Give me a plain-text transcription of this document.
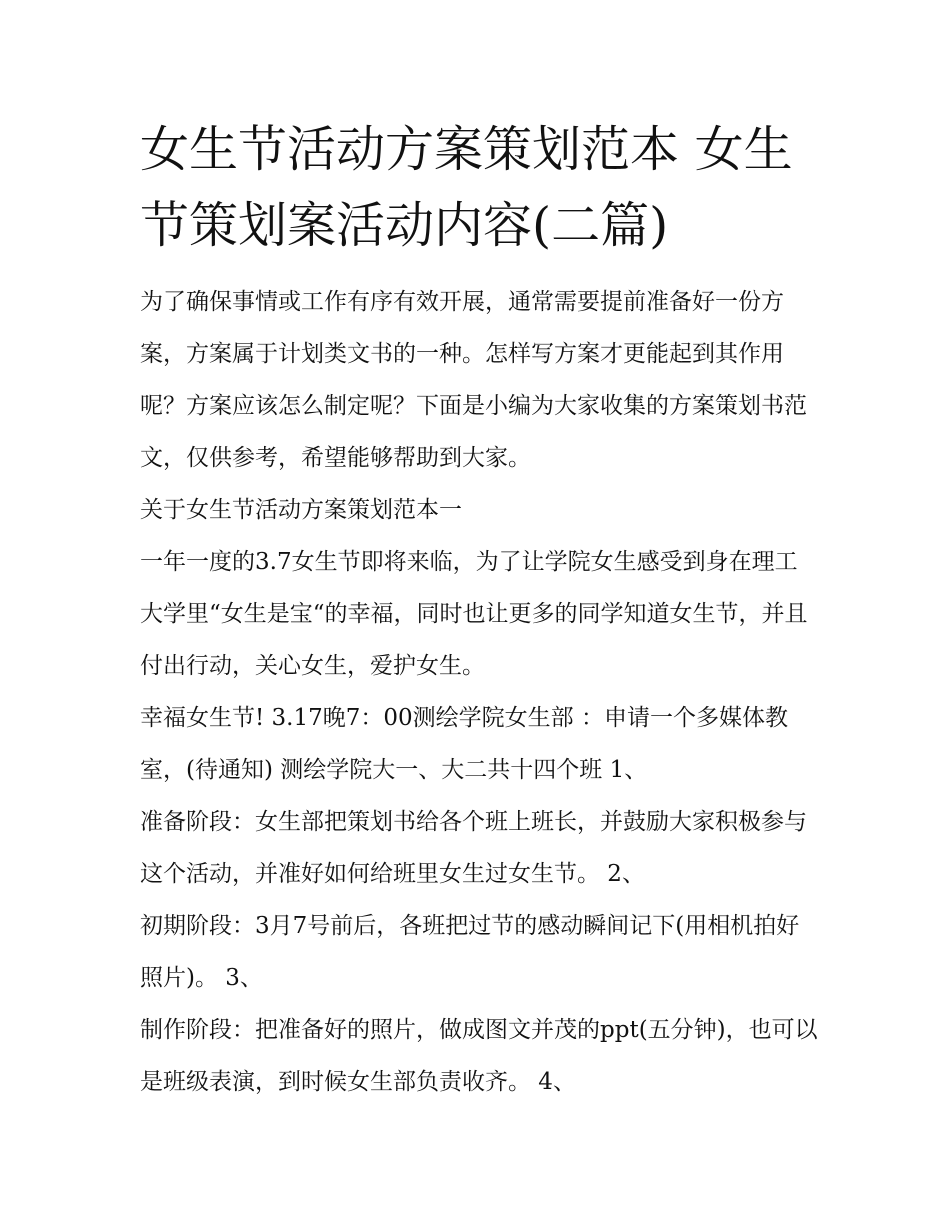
女生节活动方案策划范本 女生节策划案活动内容(二篇)

为了确保事情或工作有序有效开展，通常需要提前准备好一份方案，方案属于计划类文书的一种。怎样写方案才更能起到其作用呢？方案应该怎么制定呢？下面是小编为大家收集的方案策划书范文，仅供参考，希望能够帮助到大家。

关于女生节活动方案策划范本一

一年一度的3.7女生节即将来临，为了让学院女生感受到身在理工大学里“女生是宝“的幸福，同时也让更多的同学知道女生节，并且付出行动，关心女生，爱护女生。

幸福女生节! 3.17晚7：00测绘学院女生部 ：申请一个多媒体教室，(待通知) 测绘学院大一、大二共十四个班 1、

准备阶段：女生部把策划书给各个班上班长，并鼓励大家积极参与这个活动，并准好如何给班里女生过女生节。 2、

初期阶段：3月7号前后，各班把过节的感动瞬间记下(用相机拍好照片)。 3、

制作阶段：把准备好的照片，做成图文并茂的ppt(五分钟)，也可以是班级表演，到时候女生部负责收齐。 4、
